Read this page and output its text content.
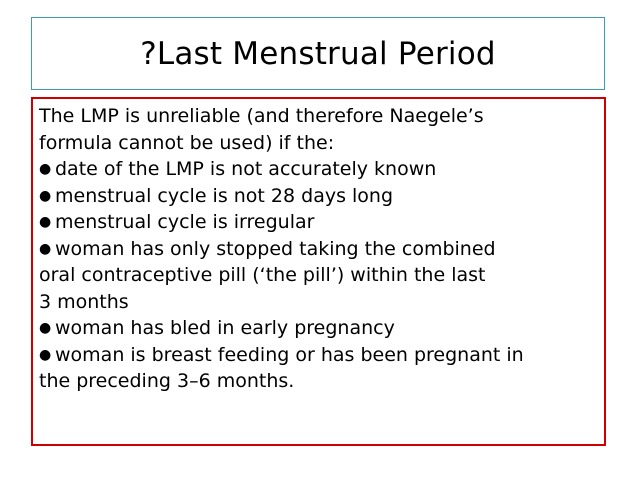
?Last Menstrual Period
The LMP is unreliable (and therefore Naegele’s
formula cannot be used) if the:
● date of the LMP is not accurately known
● menstrual cycle is not 28 days long
● menstrual cycle is irregular
● woman has only stopped taking the combined
oral contraceptive pill (‘the pill’) within the last
3 months
● woman has bled in early pregnancy
● woman is breast feeding or has been pregnant in
the preceding 3–6 months.
